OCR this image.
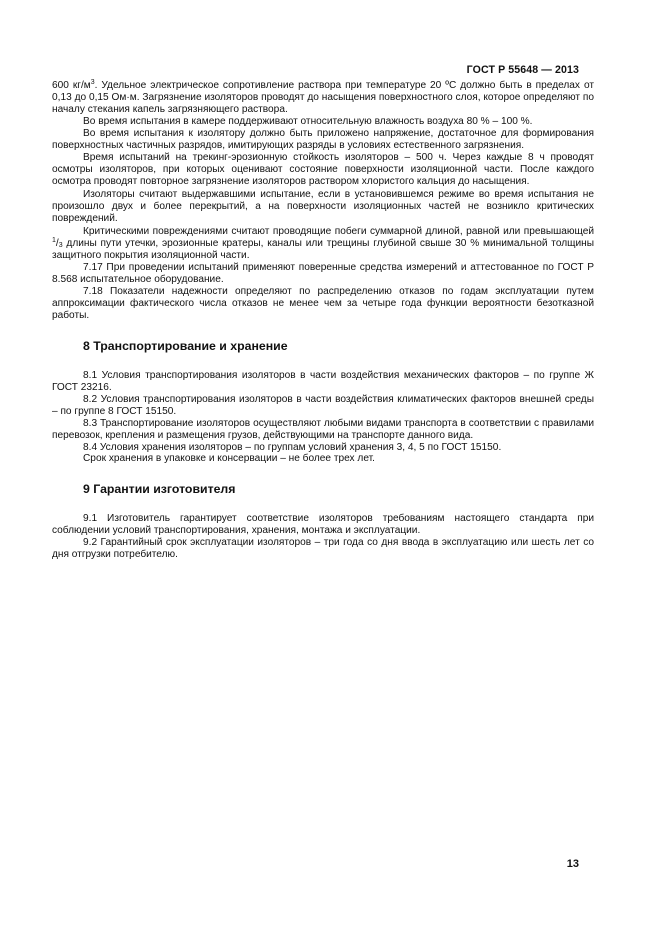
ГОСТ Р 55648 — 2013

600 $кг/м^3$. Удельное электрическое сопротивление раствора при температуре 20 ºС должно быть в пределах от 0,13 до 0,15 Ом·м. Загрязнение изоляторов проводят до насыщения поверхностного слоя, которое определяют по началу стекания капель загрязняющего раствора.

Во время испытания в камере поддерживают относительную влажность воздуха 80 % – 100 %.

Во время испытания к изолятору должно быть приложено напряжение, достаточное для формирования поверхностных частичных разрядов, имитирующих разряды в условиях естественного загрязнения.

Время испытаний на трекинг-эрозионную стойкость изоляторов – 500 ч. Через каждые 8 ч проводят осмотры изоляторов, при которых оценивают состояние поверхности изоляционной части. После каждого осмотра проводят повторное загрязнение изоляторов раствором хлористого кальция до насыщения.

Изоляторы считают выдержавшими испытание, если в установившемся режиме во время испытания не произошло двух и более перекрытий, а на поверхности изоляционных частей не возникло критических повреждений.

Критическими повреждениями считают проводящие побеги суммарной длиной, равной или превышающей $^1/_3$ длины пути утечки, эрозионные кратеры, каналы или трещины глубиной свыше 30 % минимальной толщины защитного покрытия изоляционной части.

7.17 При проведении испытаний применяют поверенные средства измерений и аттестованное по ГОСТ Р 8.568 испытательное оборудование.

7.18 Показатели надежности определяют по распределению отказов по годам эксплуатации путем аппроксимации фактического числа отказов не менее чем за четыре года функции вероятности безотказной работы.

8 Транспортирование и хранение

8.1 Условия транспортирования изоляторов в части воздействия механических факторов – по группе Ж ГОСТ 23216.

8.2 Условия транспортирования изоляторов в части воздействия климатических факторов внешней среды – по группе 8 ГОСТ 15150.

8.3 Транспортирование изоляторов осуществляют любыми видами транспорта в соответствии с правилами перевозок, крепления и размещения грузов, действующими на транспорте данного вида.

8.4 Условия хранения изоляторов – по группам условий хранения 3, 4, 5 по ГОСТ 15150.

Срок хранения в упаковке и консервации – не более трех лет.

9 Гарантии изготовителя

9.1 Изготовитель гарантирует соответствие изоляторов требованиям настоящего стандарта при соблюдении условий транспортирования, хранения, монтажа и эксплуатации.

9.2 Гарантийный срок эксплуатации изоляторов – три года со дня ввода в эксплуатацию или шесть лет со дня отгрузки потребителю.

13
